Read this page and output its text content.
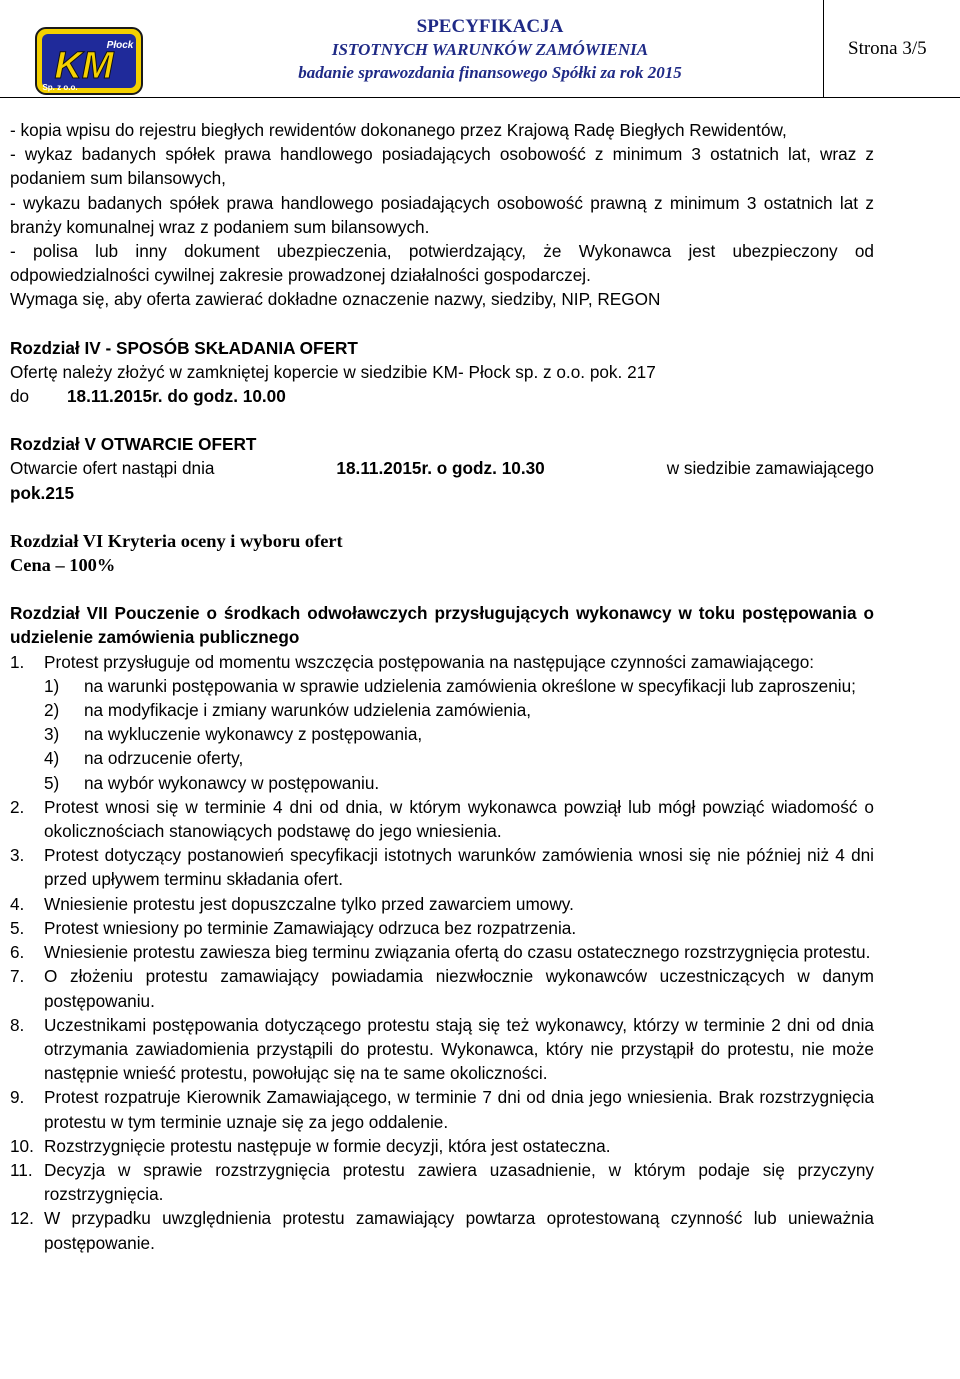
Płock
KM
Sp. z o.o.
SPECYFIKACJA
ISTOTNYCH WARUNKÓW ZAMÓWIENIA
badanie sprawozdania finansowego Spółki za rok 2015
Strona 3/5

- kopia wpisu do rejestru biegłych rewidentów dokonanego przez Krajową Radę Biegłych Rewidentów,

- wykaz badanych spółek prawa handlowego posiadających osobowość z minimum 3 ostatnich lat, wraz z podaniem sum bilansowych,

- wykazu badanych spółek prawa handlowego posiadających osobowość prawną z minimum 3 ostatnich lat z branży komunalnej wraz z podaniem sum bilansowych.

- polisa lub inny dokument ubezpieczenia, potwierdzający, że Wykonawca jest ubezpieczony od odpowiedzialności cywilnej zakresie prowadzonej działalności gospodarczej.

Wymaga się, aby oferta zawierać dokładne oznaczenie nazwy, siedziby, NIP, REGON

Rozdział IV - SPOSÓB SKŁADANIA OFERT

Ofertę należy złożyć w zamkniętej kopercie w siedzibie KM- Płock sp. z o.o. pok. 217

do	18.11.2015r. do godz. 10.00

Rozdział V OTWARCIE OFERT

Otwarcie ofert nastąpi dnia	18.11.2015r. o godz. 10.30	w siedzibie zamawiającego

pok.215

Rozdział VI Kryteria oceny i wyboru ofert

Cena – 100%

Rozdział VII Pouczenie o środkach odwoławczych przysługujących wykonawcy w toku postępowania o udzielenie zamówienia publicznego

1. Protest przysługuje od momentu wszczęcia postępowania na następujące czynności zamawiającego:
1) na warunki postępowania w sprawie udzielenia zamówienia określone w specyfikacji lub zaproszeniu;
2) na modyfikacje i zmiany warunków udzielenia zamówienia,
3) na wykluczenie wykonawcy z postępowania,
4) na odrzucenie oferty,
5) na wybór wykonawcy w postępowaniu.
2. Protest wnosi się w terminie 4 dni od dnia, w którym wykonawca powziął lub mógł powziąć wiadomość o okolicznościach stanowiących podstawę do jego wniesienia.
3. Protest dotyczący postanowień specyfikacji istotnych warunków zamówienia wnosi się nie później niż 4 dni przed upływem terminu składania ofert.
4. Wniesienie protestu jest dopuszczalne tylko przed zawarciem umowy.
5. Protest wniesiony po terminie Zamawiający odrzuca bez rozpatrzenia.
6. Wniesienie protestu zawiesza bieg terminu związania ofertą do czasu ostatecznego rozstrzygnięcia protestu.
7. O złożeniu protestu zamawiający powiadamia niezwłocznie wykonawców uczestniczących w danym postępowaniu.
8. Uczestnikami postępowania dotyczącego protestu stają się też wykonawcy, którzy w terminie 2 dni od dnia otrzymania zawiadomienia przystąpili do protestu. Wykonawca, który nie przystąpił do protestu, nie może następnie wnieść protestu, powołując się na te same okoliczności.
9. Protest rozpatruje Kierownik Zamawiającego, w terminie 7 dni od dnia jego wniesienia. Brak rozstrzygnięcia protestu w tym terminie uznaje się za jego oddalenie.
10. Rozstrzygnięcie protestu następuje w formie decyzji, która jest ostateczna.
11. Decyzja w sprawie rozstrzygnięcia protestu zawiera uzasadnienie, w którym podaje się przyczyny rozstrzygnięcia.
12. W przypadku uwzględnienia protestu zamawiający powtarza oprotestowaną czynność lub unieważnia postępowanie.
